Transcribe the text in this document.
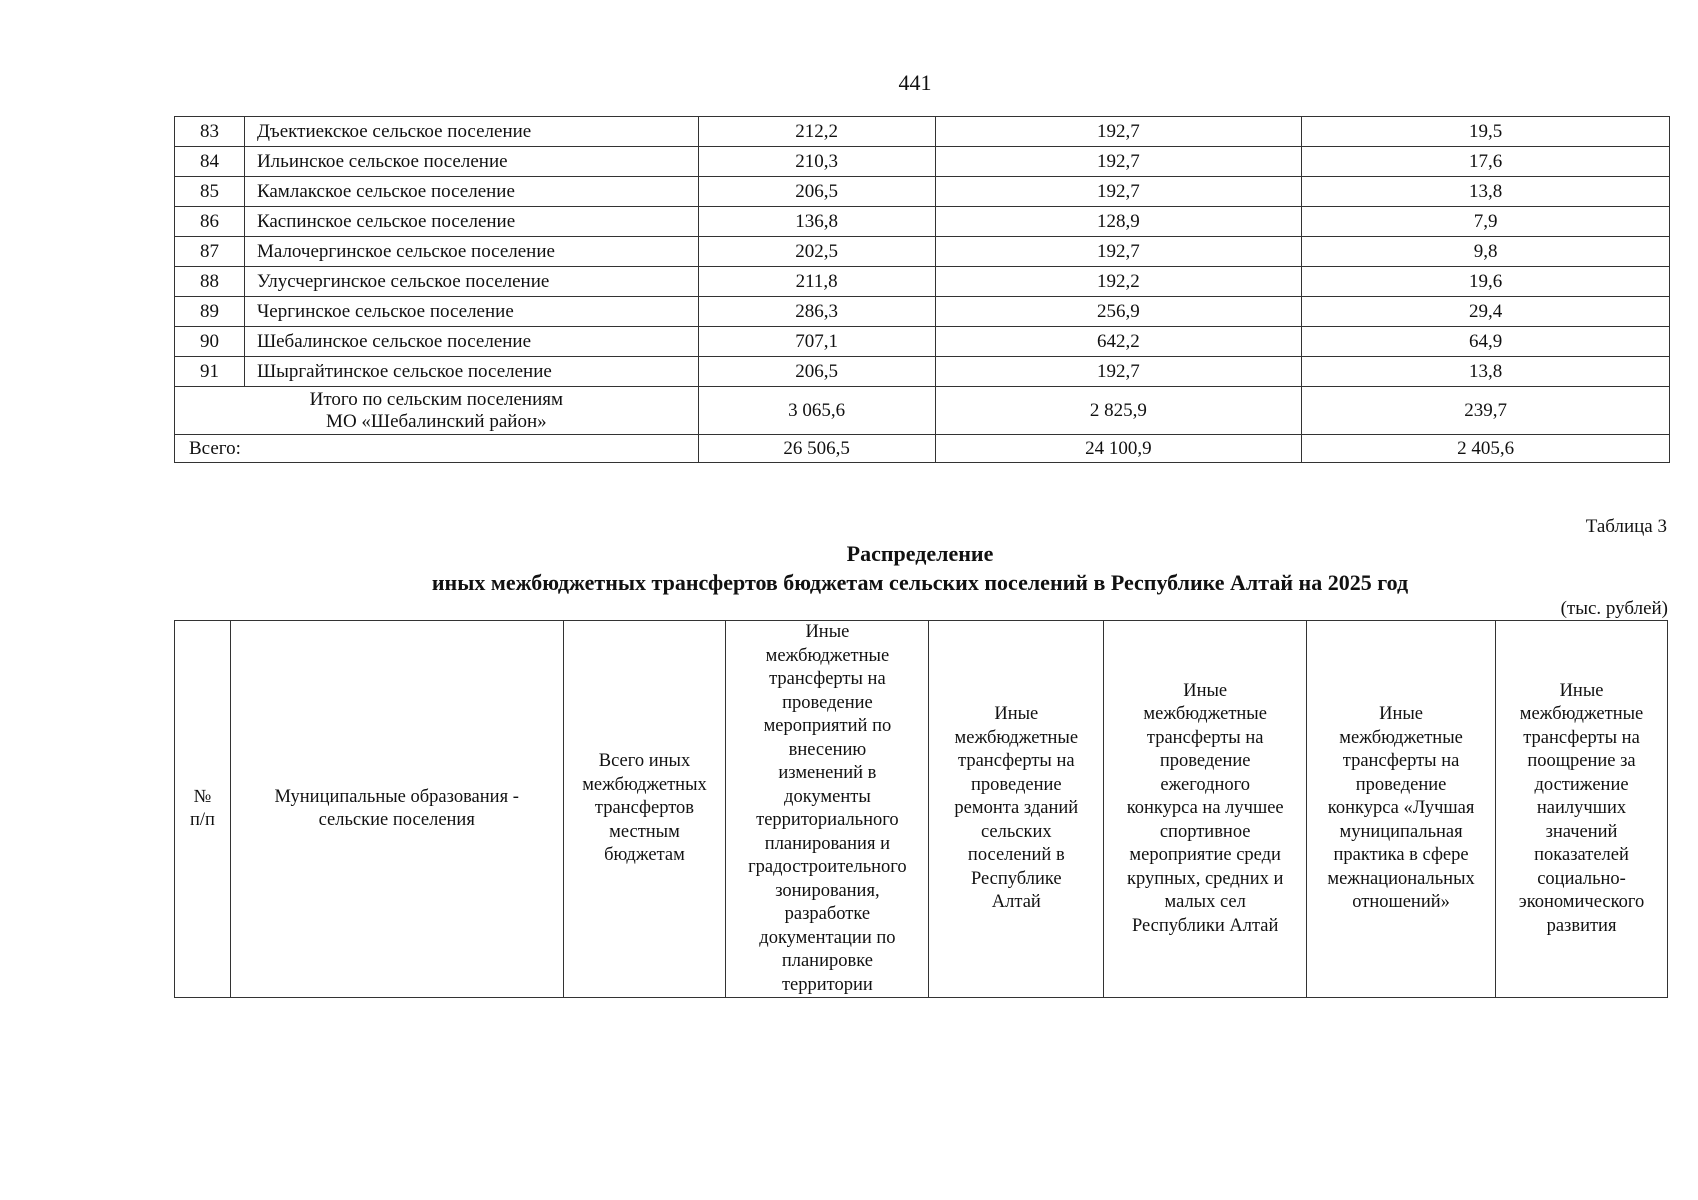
441
83	Дъектиекское сельское поселение	212,2	192,7	19,5
84	Ильинское сельское поселение	210,3	192,7	17,6
85	Камлакское сельское поселение	206,5	192,7	13,8
86	Каспинское сельское поселение	136,8	128,9	7,9
87	Малочергинское сельское поселение	202,5	192,7	9,8
88	Улусчергинское сельское поселение	211,8	192,2	19,6
89	Чергинское сельское поселение	286,3	256,9	29,4
90	Шебалинское сельское поселение	707,1	642,2	64,9
91	Шыргайтинское сельское поселение	206,5	192,7	13,8

Итого по сельским поселениям
МО «Шебалинский район»		3 065,6	2 825,9	239,7
Всего:		26 506,5	24 100,9	2 405,6
Таблица 3
Распределение
иных межбюджетных трансфертов бюджетам сельских поселений в Республике Алтай на 2025 год
(тыс. рублей)
№
п/п

Муниципальные образования -
сельские поселения

Всего иных
межбюджетных
трансфертов
местным
бюджетам

Иные
межбюджетные
трансферты на
проведение
мероприятий по
внесению
изменений в
документы
территориального
планирования и
градостроительного
зонирования,
разработке
документации по
планировке
территории

Иные
межбюджетные
трансферты на
проведение
ремонта зданий
сельских
поселений в
Республике
Алтай

Иные
межбюджетные
трансферты на
проведение
ежегодного
конкурса на лучшее
спортивное
мероприятие среди
крупных, средних и
малых сел
Республики Алтай

Иные
межбюджетные
трансферты на
проведение
конкурса «Лучшая
муниципальная
практика в сфере
межнациональных
отношений»

Иные
межбюджетные
трансферты на
поощрение за
достижение
наилучших
значений
показателей
социально-
экономического
развития
